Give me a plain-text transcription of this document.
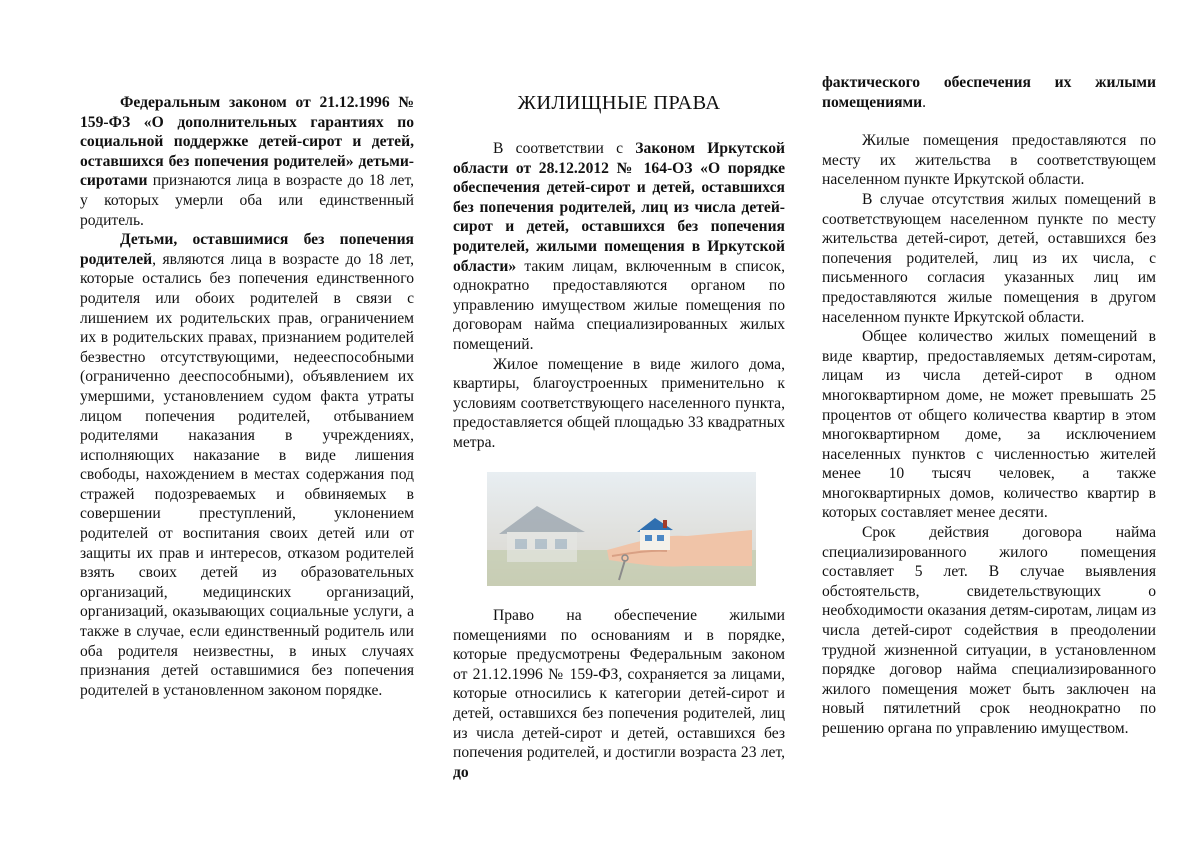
Федеральным законом от 21.12.1996 № 159-ФЗ «О дополнительных гарантиях по социальной поддержке детей-сирот и детей, оставшихся без попечения родителей» детьми-сиротами признаются лица в возрасте до 18 лет, у которых умерли оба или единственный родитель.

Детьми, оставшимися без попечения родителей, являются лица в возрасте до 18 лет, которые остались без попечения единственного родителя или обоих родителей в связи с лишением их родительских прав, ограничением их в родительских правах, признанием родителей безвестно отсутствующими, недееспособными (ограниченно дееспособными), объявлением их умершими, установлением судом факта утраты лицом попечения родителей, отбыванием родителями наказания в учреждениях, исполняющих наказание в виде лишения свободы, нахождением в местах содержания под стражей подозреваемых и обвиняемых в совершении преступлений, уклонением родителей от воспитания своих детей или от защиты их прав и интересов, отказом родителей взять своих детей из образовательных организаций, медицинских организаций, организаций, оказывающих социальные услуги, а также в случае, если единственный родитель или оба родителя неизвестны, в иных случаях признания детей оставшимися без попечения родителей в установленном законом порядке.

ЖИЛИЩНЫЕ ПРАВА

В соответствии с Законом Иркутской области от 28.12.2012 № 164-ОЗ «О порядке обеспечения детей-сирот и детей, оставшихся без попечения родителей, лиц из числа детей-сирот и детей, оставшихся без попечения родителей, жилыми помещения в Иркутской области» таким лицам, включенным в список, однократно предоставляются органом по управлению имуществом жилые помещения по договорам найма специализированных жилых помещений.

Жилое помещение в виде жилого дома, квартиры, благоустроенных применительно к условиям соответствующего населенного пункта, предоставляется общей площадью 33 квадратных метра.

Право на обеспечение жилыми помещениями по основаниям и в порядке, которые предусмотрены Федеральным законом от 21.12.1996 № 159-ФЗ, сохраняется за лицами, которые относились к категории детей-сирот и детей, оставшихся без попечения родителей, лиц из числа детей-сирот и детей, оставшихся без попечения родителей, и достигли возраста 23 лет, до

фактического обеспечения их жилыми помещениями.

Жилые помещения предоставляются по месту их жительства в соответствующем населенном пункте Иркутской области.

В случае отсутствия жилых помещений в соответствующем населенном пункте по месту жительства детей-сирот, детей, оставшихся без попечения родителей, лиц из их числа, с письменного согласия указанных лиц им предоставляются жилые помещения в другом населенном пункте Иркутской области.

Общее количество жилых помещений в виде квартир, предоставляемых детям-сиротам, лицам из числа детей-сирот в одном многоквартирном доме, не может превышать 25 процентов от общего количества квартир в этом многоквартирном доме, за исключением населенных пунктов с численностью жителей менее 10 тысяч человек, а также многоквартирных домов, количество квартир в которых составляет менее десяти.

Срок действия договора найма специализированного жилого помещения составляет 5 лет. В случае выявления обстоятельств, свидетельствующих о необходимости оказания детям-сиротам, лицам из числа детей-сирот содействия в преодолении трудной жизненной ситуации, в установленном порядке договор найма специализированного жилого помещения может быть заключен на новый пятилетний срок неоднократно по решению органа по управлению имуществом.
